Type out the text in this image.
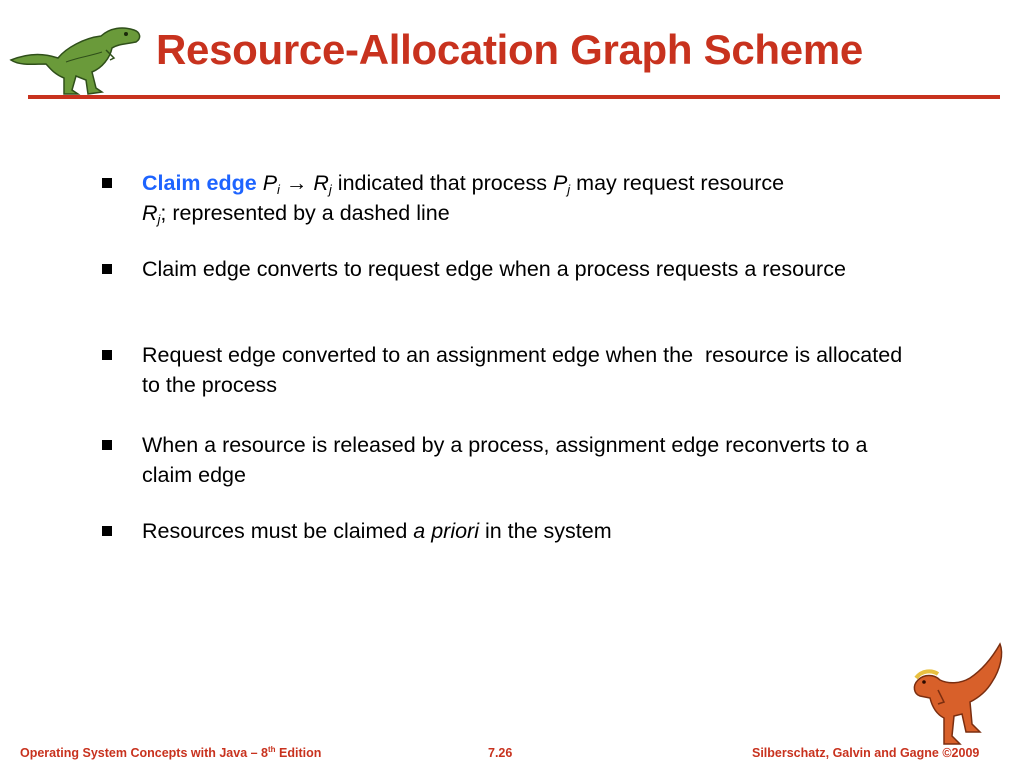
Resource-Allocation Graph Scheme
Claim edge $P_i \to R_j$ indicated that process $P_j$ may request resource
$R_j$; represented by a dashed line
Claim edge converts to request edge when a process requests a resource
Request edge converted to an assignment edge when the  resource is allocated to the process
When a resource is released by a process, assignment edge reconverts to a claim edge
Resources must be claimed a priori in the system
Operating System Concepts with Java – 8th Edition	7.26	Silberschatz, Galvin and Gagne ©2009
